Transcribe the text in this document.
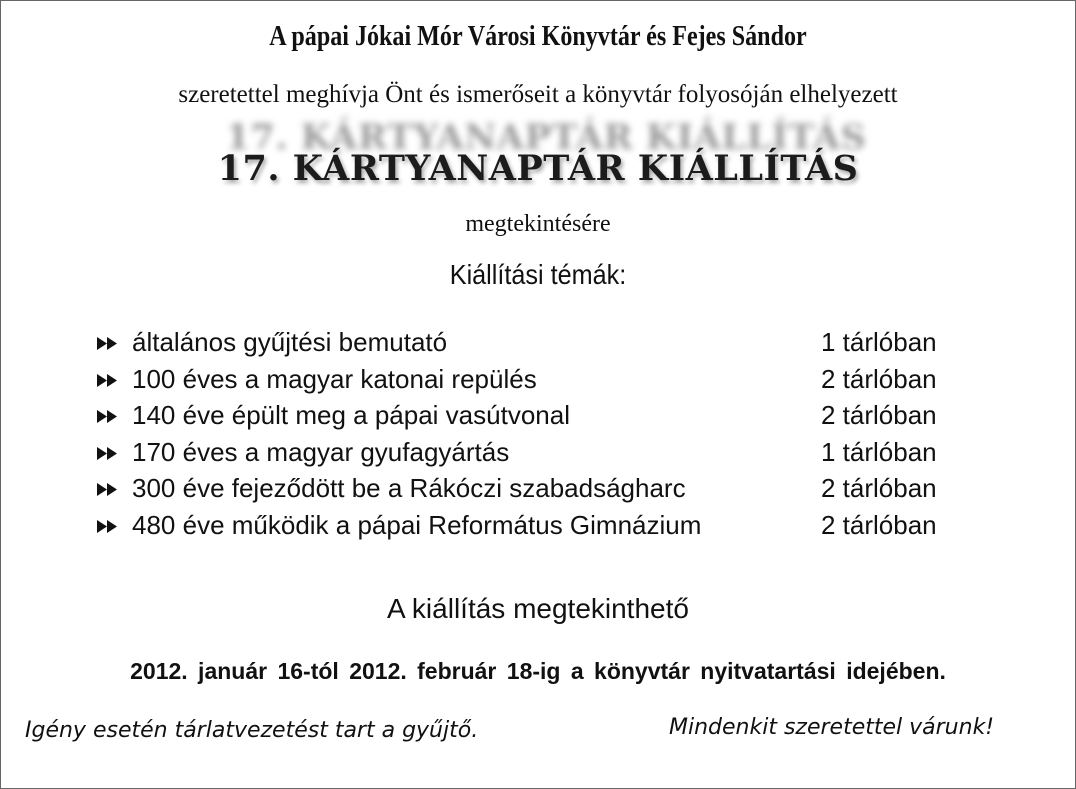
A pápai Jókai Mór Városi Könyvtár és Fejes Sándor
szeretettel meghívja Önt és ismerőseit a könyvtár folyosóján elhelyezett
17. KÁRTYANAPTÁR KIÁLLÍTÁS
17. KÁRTYANAPTÁR KIÁLLÍTÁS
megtekintésére
Kiállítási témák:
általános gyűjtési bemutató	1 tárlóban
100 éves a magyar katonai repülés	2 tárlóban
140 éve épült meg a pápai vasútvonal	2 tárlóban
170 éves a magyar gyufagyártás	1 tárlóban
300 éve fejeződött be a Rákóczi szabadságharc	2 tárlóban
480 éve működik a pápai Református Gimnázium	2 tárlóban
A kiállítás megtekinthető
2012. január 16-tól 2012. február 18-ig a könyvtár nyitvatartási idejében.
Igény esetén tárlatvezetést tart a gyűjtő.	Mindenkit szeretettel várunk!
